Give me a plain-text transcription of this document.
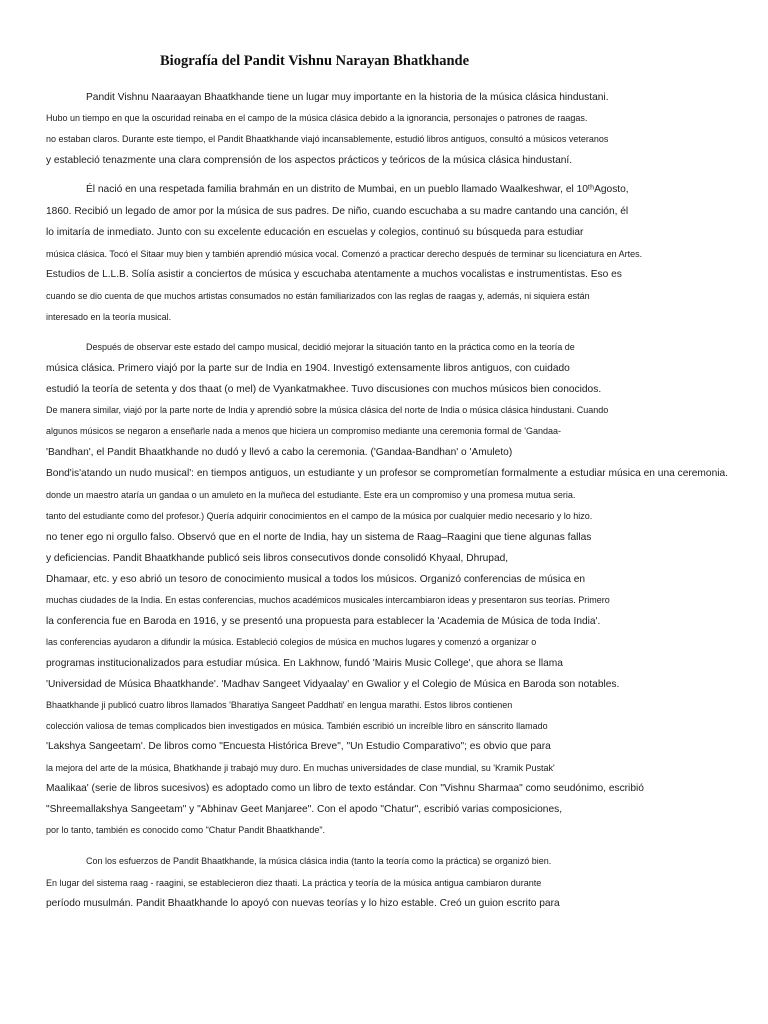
Biografía del Pandit Vishnu Narayan Bhatkhande
Pandit Vishnu Naaraayan Bhaatkhande tiene un lugar muy importante en la historia de la música clásica hindustani.
Hubo un tiempo en que la oscuridad reinaba en el campo de la música clásica debido a la ignorancia, personajes o patrones de raagas.
no estaban claros. Durante este tiempo, el Pandit Bhaatkhande viajó incansablemente, estudió libros antiguos, consultó a músicos veteranos
y estableció tenazmente una clara comprensión de los aspectos prácticos y teóricos de la música clásica hindustaní.
Él nació en una respetada familia brahmán en un distrito de Mumbai, en un pueblo llamado Waalkeshwar, el 10ᵗʰAgosto,
1860. Recibió un legado de amor por la música de sus padres. De niño, cuando escuchaba a su madre cantando una canción, él
lo imitaría de inmediato. Junto con su excelente educación en escuelas y colegios, continuó su búsqueda para estudiar
música clásica. Tocó el Sitaar muy bien y también aprendió música vocal. Comenzó a practicar derecho después de terminar su licenciatura en Artes.
Estudios de L.L.B. Solía asistir a conciertos de música y escuchaba atentamente a muchos vocalistas e instrumentistas. Eso es
cuando se dio cuenta de que muchos artistas consumados no están familiarizados con las reglas de raagas y, además, ni siquiera están
interesado en la teoría musical.
Después de observar este estado del campo musical, decidió mejorar la situación tanto en la práctica como en la teoría de
música clásica. Primero viajó por la parte sur de India en 1904. Investigó extensamente libros antiguos, con cuidado
estudió la teoría de setenta y dos thaat (o mel) de Vyankatmakhee. Tuvo discusiones con muchos músicos bien conocidos.
De manera similar, viajó por la parte norte de India y aprendió sobre la música clásica del norte de India o música clásica hindustani. Cuando
algunos músicos se negaron a enseñarle nada a menos que hiciera un compromiso mediante una ceremonia formal de 'Gandaa-
'Bandhan', el Pandit Bhaatkhande no dudó y llevó a cabo la ceremonia. ('Gandaa-Bandhan' o 'Amuleto)
Bond'is'atando un nudo musical': en tiempos antiguos, un estudiante y un profesor se comprometían formalmente a estudiar música en una ceremonia.
donde un maestro ataría un gandaa o un amuleto en la muñeca del estudiante. Este era un compromiso y una promesa mutua seria.
tanto del estudiante como del profesor.) Quería adquirir conocimientos en el campo de la música por cualquier medio necesario y lo hizo.
no tener ego ni orgullo falso. Observó que en el norte de India, hay un sistema de Raag–Raagini que tiene algunas fallas
y deficiencias. Pandit Bhaatkhande publicó seis libros consecutivos donde consolidó Khyaal, Dhrupad,
Dhamaar, etc. y eso abrió un tesoro de conocimiento musical a todos los músicos. Organizó conferencias de música en
muchas ciudades de la India. En estas conferencias, muchos académicos musicales intercambiaron ideas y presentaron sus teorías. Primero
la conferencia fue en Baroda en 1916, y se presentó una propuesta para establecer la 'Academia de Música de toda India'.
las conferencias ayudaron a difundir la música. Estableció colegios de música en muchos lugares y comenzó a organizar o
programas institucionalizados para estudiar música. En Lakhnow, fundó 'Mairis Music College', que ahora se llama
'Universidad de Música Bhaatkhande'. 'Madhav Sangeet Vidyaalay' en Gwalior y el Colegio de Música en Baroda son notables.
Bhaatkhande ji publicó cuatro libros llamados 'Bharatiya Sangeet Paddhati' en lengua marathi. Estos libros contienen
colección valiosa de temas complicados bien investigados en música. También escribió un increíble libro en sánscrito llamado
'Lakshya Sangeetam'. De libros como "Encuesta Histórica Breve", "Un Estudio Comparativo"; es obvio que para
la mejora del arte de la música, Bhatkhande ji trabajó muy duro. En muchas universidades de clase mundial, su 'Kramik Pustak'
Maalikaa' (serie de libros sucesivos) es adoptado como un libro de texto estándar. Con "Vishnu Sharmaa" como seudónimo, escribió
"Shreemallakshya Sangeetam" y "Abhinav Geet Manjaree". Con el apodo "Chatur", escribió varias composiciones,
por lo tanto, también es conocido como "Chatur Pandit Bhaatkhande".
Con los esfuerzos de Pandit Bhaatkhande, la música clásica india (tanto la teoría como la práctica) se organizó bien.
En lugar del sistema raag - raagini, se establecieron diez thaati. La práctica y teoría de la música antigua cambiaron durante
período musulmán. Pandit Bhaatkhande lo apoyó con nuevas teorías y lo hizo estable. Creó un guion escrito para
